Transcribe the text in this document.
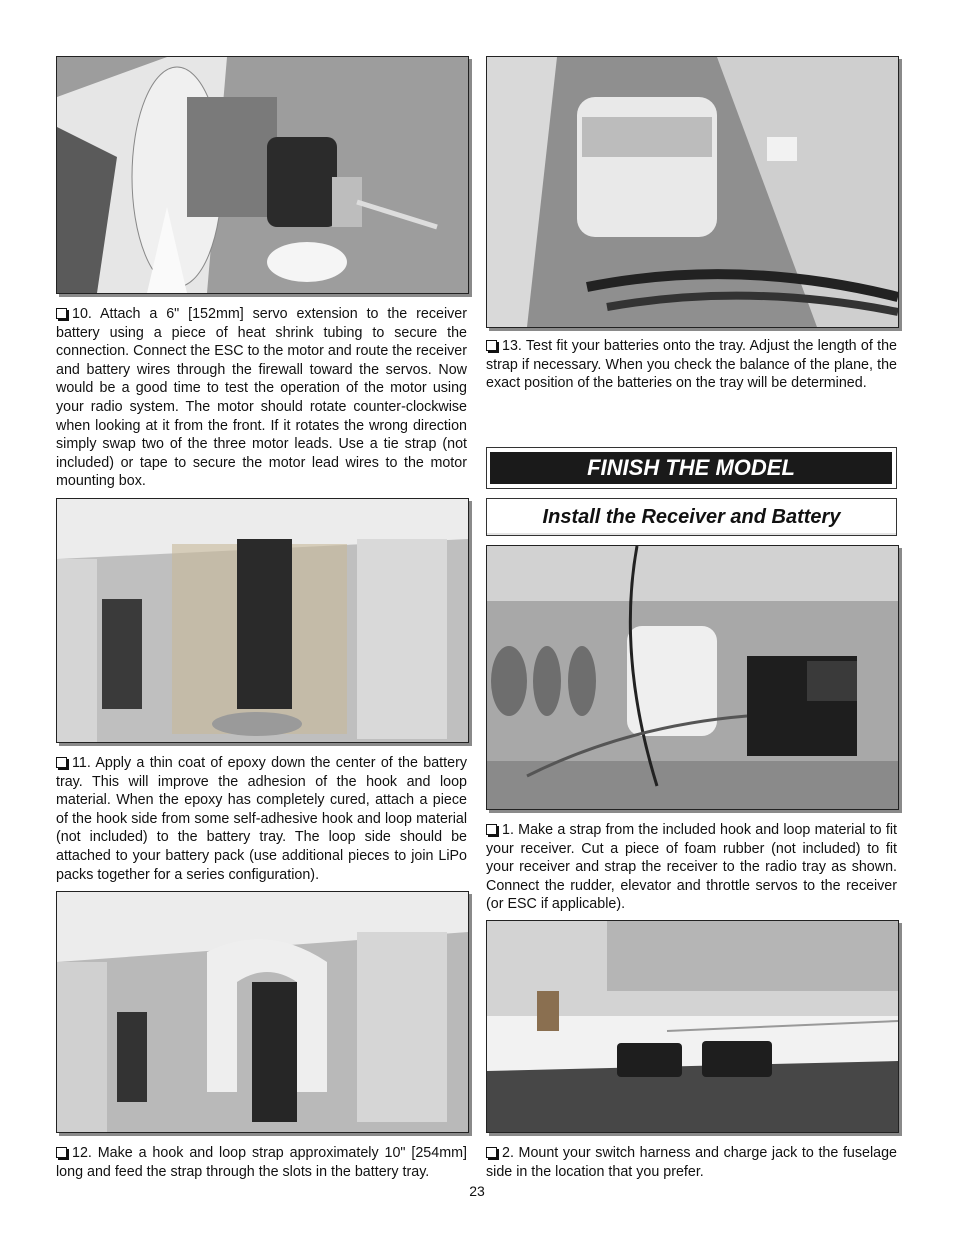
10. Attach a 6" [152mm] servo extension to the receiver battery using a piece of heat shrink tubing to secure the connection. Connect the ESC to the motor and route the receiver and battery wires through the firewall toward the servos. Now would be a good time to test the operation of the motor using your radio system. The motor should rotate counter-clockwise when looking at it from the front. If it rotates the wrong direction simply swap two of the three motor leads. Use a tie strap (not included) or tape to secure the motor lead wires to the motor mounting box.

13. Test fit your batteries onto the tray. Adjust the length of the strap if necessary. When you check the balance of the plane, the exact position of the batteries on the tray will be determined.

FINISH THE MODEL
Install the Receiver and Battery

11. Apply a thin coat of epoxy down the center of the battery tray. This will improve the adhesion of the hook and loop material. When the epoxy has completely cured, attach a piece of the hook side from some self-adhesive hook and loop material (not included) to the battery tray. The loop side should be attached to your battery pack (use additional pieces to join LiPo packs together for a series configuration).

1. Make a strap from the included hook and loop material to fit your receiver. Cut a piece of foam rubber (not included) to fit your receiver and strap the receiver to the radio tray as shown. Connect the rudder, elevator and throttle servos to the receiver (or ESC if applicable).

12. Make a hook and loop strap approximately 10" [254mm] long and feed the strap through the slots in the battery tray.

2. Mount your switch harness and charge jack to the fuselage side in the location that you prefer.

23
